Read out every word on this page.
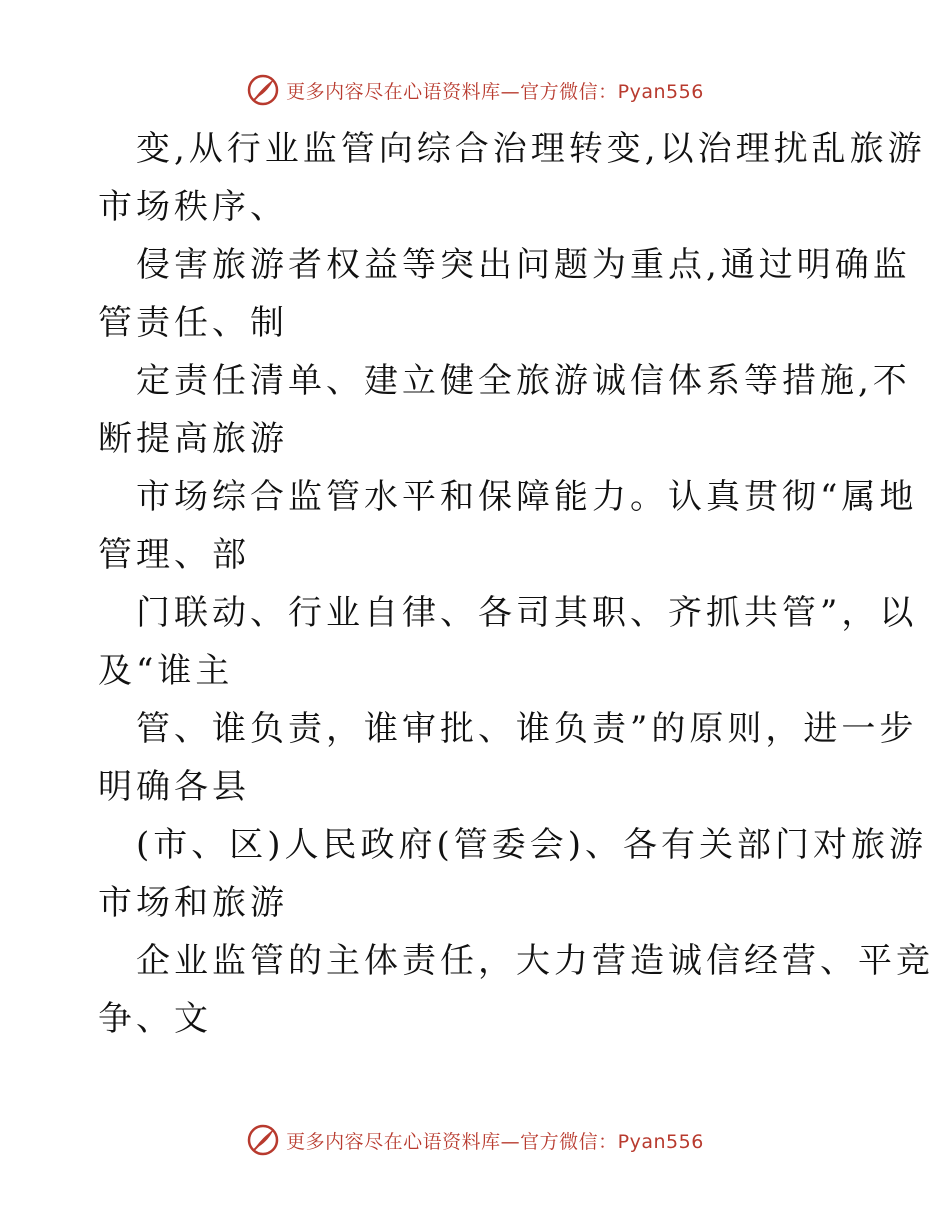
更多内容尽在心语资料库—官方微信：Pyan556
变,从行业监管向综合治理转变,以治理扰乱旅游
市场秩序、
侵害旅游者权益等突出问题为重点,通过明确监
管责任、制
定责任清单、建立健全旅游诚信体系等措施,不
断提高旅游
市场综合监管水平和保障能力。认真贯彻“属地
管理、部
门联动、行业自律、各司其职、齐抓共管”，以
及“谁主
管、谁负责，谁审批、谁负责”的原则，进一步
明确各县
(市、区)人民政府(管委会)、各有关部门对旅游
市场和旅游
企业监管的主体责任，大力营造诚信经营、平竞
争、文
更多内容尽在心语资料库—官方微信：Pyan556
